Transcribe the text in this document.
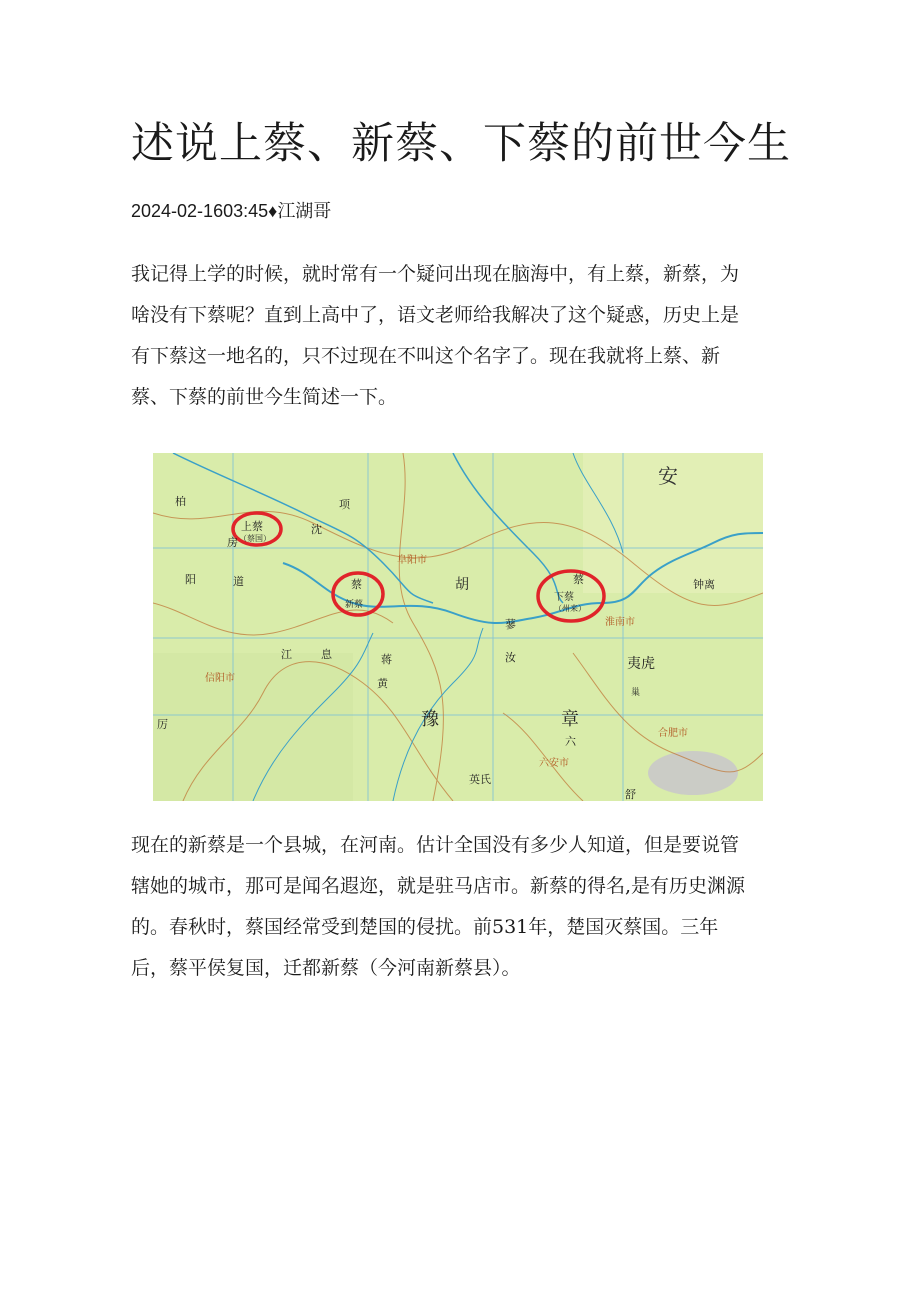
述说上蔡、新蔡、下蔡的前世今生
2024-02-1603:45♦江湖哥

我记得上学的时候，就时常有一个疑问出现在脑海中，有上蔡，新蔡，为
啥没有下蔡呢？直到上高中了，语文老师给我解决了这个疑惑，历史上是
有下蔡这一地名的，只不过现在不叫这个名字了。现在我就将上蔡、新
蔡、下蔡的前世今生简述一下。

上蔡
（蔡国）
蔡
新蔡
蔡
下蔡
（州来）
安
胡
豫	章
夷虎
息
江
沈
项
阜阳市
淮南市
合肥市
六安市
信阳市
钟离
巢
舒
英氏
六
黄
蒋
柏
房
道
厉
蓼
汝
阳

现在的新蔡是一个县城，在河南。估计全国没有多少人知道，但是要说管
辖她的城市，那可是闻名遐迩，就是驻马店市。新蔡的得名,是有历史渊源
的。春秋时，蔡国经常受到楚国的侵扰。前531年，楚国灭蔡国。三年
后，蔡平侯复国，迁都新蔡（今河南新蔡县）。
